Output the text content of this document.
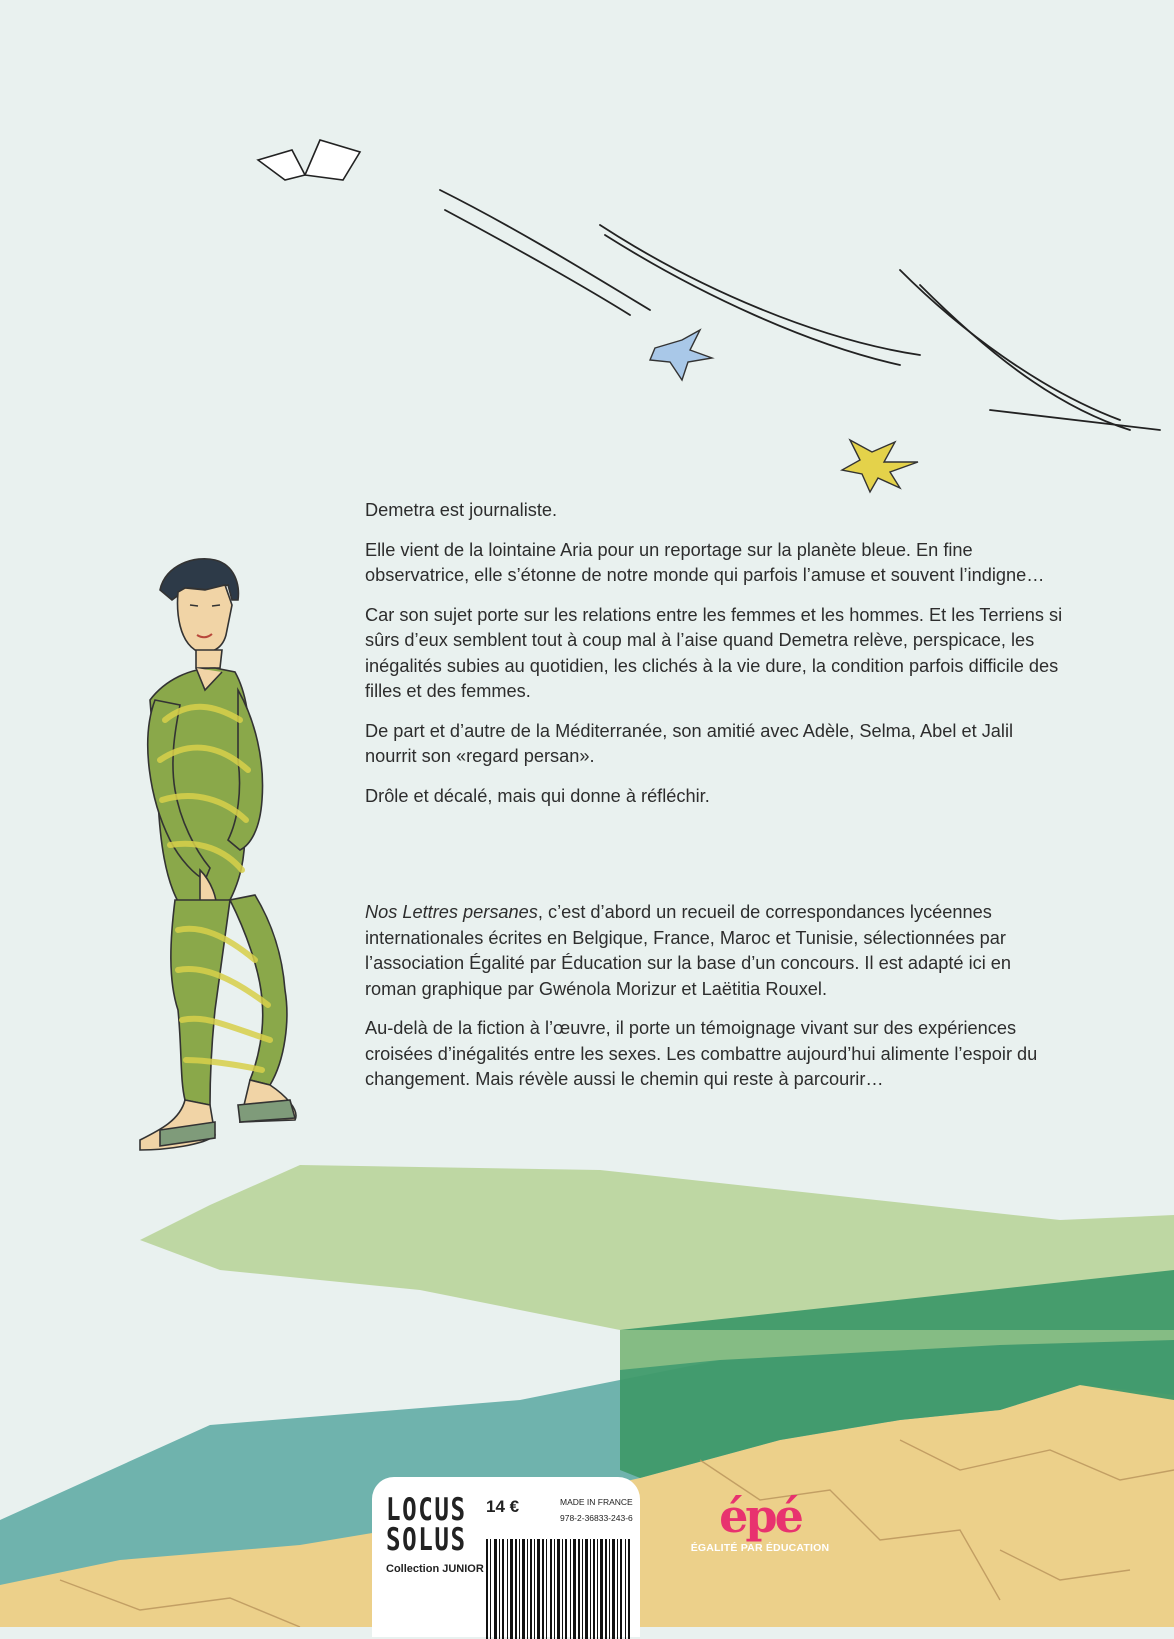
Demetra est journaliste.

Elle vient de la lointaine Aria pour un reportage sur la planète bleue. En fine observatrice, elle s’étonne de notre monde qui parfois l’amuse et souvent l’indigne…

Car son sujet porte sur les relations entre les femmes et les hommes. Et les Terriens si sûrs d’eux semblent tout à coup mal à l’aise quand Demetra relève, perspicace, les inégalités subies au quotidien, les clichés à la vie dure, la condition parfois difficile des filles et des femmes.

De part et d’autre de la Méditerranée, son amitié avec Adèle, Selma, Abel et Jalil nourrit son «regard persan».

Drôle et décalé, mais qui donne à réfléchir.

Nos Lettres persanes, c’est d’abord un recueil de correspondances lycéennes internationales écrites en Belgique, France, Maroc et Tunisie, sélectionnées par l’association Égalité par Éducation sur la base d’un concours. Il est adapté ici en roman graphique par Gwénola Morizur et Laëtitia Rouxel.

Au-delà de la fiction à l’œuvre, il porte un témoignage vivant sur des expériences croisées d’inégalités entre les sexes. Les combattre aujourd’hui alimente l’espoir du changement. Mais révèle aussi le chemin qui reste à parcourir…

LOCUS
SOLUS
Collection JUNIOR
14 €	MADE IN FRANCE
978-2-36833-243-6	épé
ÉGALITÉ PAR ÉDUCATION
